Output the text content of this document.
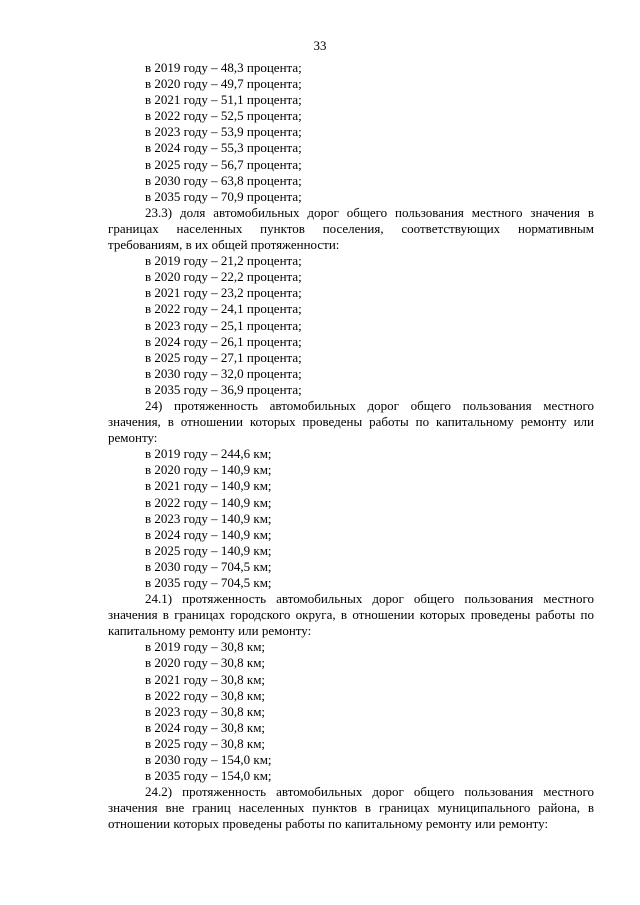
33
в 2019 году – 48,3 процента;
в 2020 году – 49,7 процента;
в 2021 году – 51,1 процента;
в 2022 году – 52,5 процента;
в 2023 году – 53,9 процента;
в 2024 году – 55,3 процента;
в 2025 году – 56,7 процента;
в 2030 году – 63,8 процента;
в 2035 году – 70,9 процента;
23.3) доля автомобильных дорог общего пользования местного значения в границах населенных пунктов поселения, соответствующих нормативным требованиям, в их общей протяженности:
в 2019 году – 21,2 процента;
в 2020 году – 22,2 процента;
в 2021 году – 23,2 процента;
в 2022 году – 24,1 процента;
в 2023 году – 25,1 процента;
в 2024 году – 26,1 процента;
в 2025 году – 27,1 процента;
в 2030 году – 32,0 процента;
в 2035 году – 36,9 процента;
24) протяженность автомобильных дорог общего пользования местного значения, в отношении которых проведены работы по капитальному ремонту или ремонту:
в 2019 году – 244,6 км;
в 2020 году – 140,9 км;
в 2021 году – 140,9 км;
в 2022 году – 140,9 км;
в 2023 году – 140,9 км;
в 2024 году – 140,9 км;
в 2025 году – 140,9 км;
в 2030 году – 704,5 км;
в 2035 году – 704,5 км;
24.1) протяженность автомобильных дорог общего пользования местного значения в границах городского округа, в отношении которых проведены работы по капитальному ремонту или ремонту:
в 2019 году – 30,8 км;
в 2020 году – 30,8 км;
в 2021 году – 30,8 км;
в 2022 году – 30,8 км;
в 2023 году – 30,8 км;
в 2024 году – 30,8 км;
в 2025 году – 30,8 км;
в 2030 году – 154,0 км;
в 2035 году – 154,0 км;
24.2) протяженность автомобильных дорог общего пользования местного значения вне границ населенных пунктов в границах муниципального района, в отношении которых проведены работы по капитальному ремонту или ремонту:
